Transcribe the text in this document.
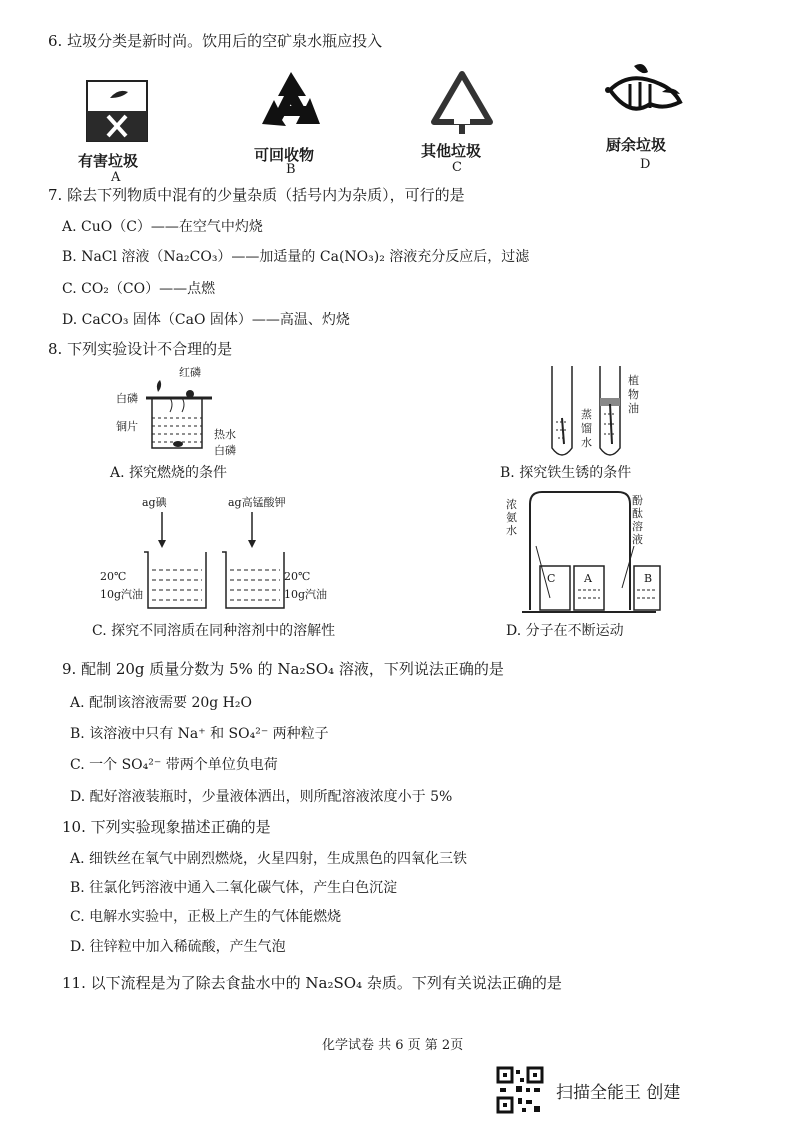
6. 垃圾分类是新时尚。饮用后的空矿泉水瓶应投入
有害垃圾
A
可回收物
B
其他垃圾
C
厨余垃圾
D
7. 除去下列物质中混有的少量杂质（括号内为杂质），可行的是
A. CuO（C）——在空气中灼烧
B. NaCl 溶液（Na₂CO₃）——加适量的 Ca(NO₃)₂ 溶液充分反应后，过滤
C. CO₂（CO）——点燃
D. CaCO₃ 固体（CaO 固体）——高温、灼烧
8. 下列实验设计不合理的是
红磷
白磷
铜片
热水
白磷
A. 探究燃烧的条件
植
物
油
蒸
馏
水
B. 探究铁生锈的条件
ag碘	ag高锰酸钾
20℃
10g汽油
20℃
10g汽油
C. 探究不同溶质在同种溶剂中的溶解性
浓
氨
水
酚
酞
溶
液
C	A	B
D. 分子在不断运动
9. 配制 20g 质量分数为 5% 的 Na₂SO₄ 溶液，下列说法正确的是
A. 配制该溶液需要 20g H₂O
B. 该溶液中只有 Na⁺ 和 SO₄²⁻ 两种粒子
C. 一个 SO₄²⁻ 带两个单位负电荷
D. 配好溶液装瓶时，少量液体洒出，则所配溶液浓度小于 5%
10. 下列实验现象描述正确的是
A. 细铁丝在氧气中剧烈燃烧，火星四射，生成黑色的四氧化三铁
B. 往氯化钙溶液中通入二氧化碳气体，产生白色沉淀
C. 电解水实验中，正极上产生的气体能燃烧
D. 往锌粒中加入稀硫酸，产生气泡
11. 以下流程是为了除去食盐水中的 Na₂SO₄ 杂质。下列有关说法正确的是
化学试卷 共 6 页 第 2页
扫描全能王 创建
